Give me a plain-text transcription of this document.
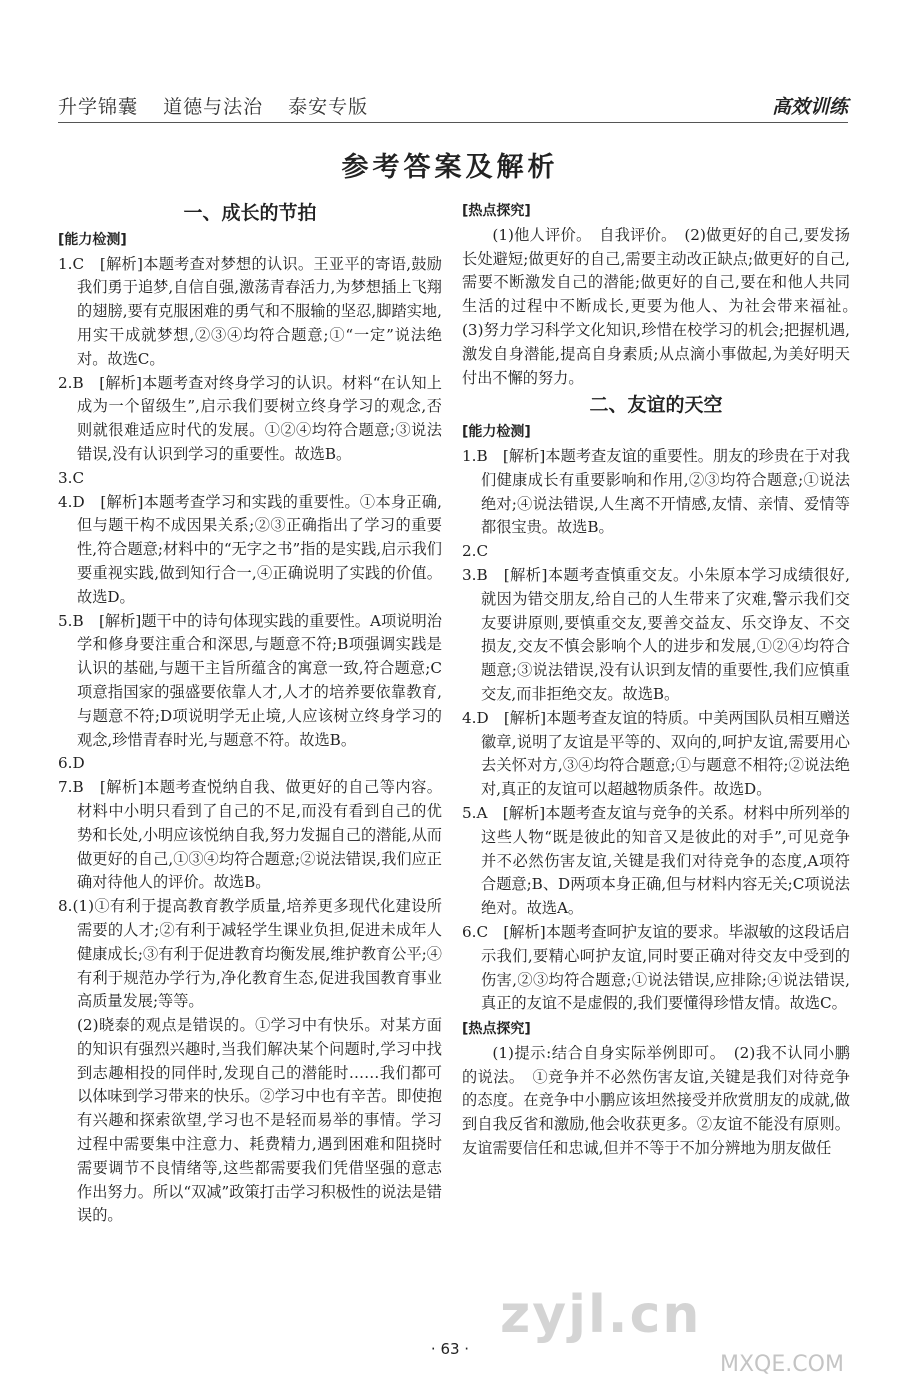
升学锦囊 道德与法治 泰安专版	高效训练
参考答案及解析
一、成长的节拍
[能力检测]

1.C　[解析]本题考查对梦想的认识。王亚平的寄语,鼓励我们勇于追梦,自信自强,激荡青春活力,为梦想插上飞翔的翅膀,要有克服困难的勇气和不服输的坚忍,脚踏实地,用实干成就梦想,②③④均符合题意;①“一定”说法绝对。故选C。

2.B　[解析]本题考查对终身学习的认识。材料“在认知上成为一个留级生”,启示我们要树立终身学习的观念,否则就很难适应时代的发展。①②④均符合题意;③说法错误,没有认识到学习的重要性。故选B。

3.C

4.D　[解析]本题考查学习和实践的重要性。①本身正确,但与题干构不成因果关系;②③正确指出了学习的重要性,符合题意;材料中的“无字之书”指的是实践,启示我们要重视实践,做到知行合一,④正确说明了实践的价值。故选D。

5.B　[解析]题干中的诗句体现实践的重要性。A项说明治学和修身要注重合和深思,与题意不符;B项强调实践是认识的基础,与题干主旨所蕴含的寓意一致,符合题意;C项意指国家的强盛要依靠人才,人才的培养要依靠教育,与题意不符;D项说明学无止境,人应该树立终身学习的观念,珍惜青春时光,与题意不符。故选B。

6.D

7.B　[解析]本题考查悦纳自我、做更好的自己等内容。材料中小明只看到了自己的不足,而没有看到自己的优势和长处,小明应该悦纳自我,努力发掘自己的潜能,从而做更好的自己,①③④均符合题意;②说法错误,我们应正确对待他人的评价。故选B。

8.(1)①有利于提高教育教学质量,培养更多现代化建设所需要的人才;②有利于减轻学生课业负担,促进未成年人健康成长;③有利于促进教育均衡发展,维护教育公平;④有利于规范办学行为,净化教育生态,促进我国教育事业高质量发展;等等。

(2)晓泰的观点是错误的。①学习中有快乐。对某方面的知识有强烈兴趣时,当我们解决某个问题时,学习中找到志趣相投的同伴时,发现自己的潜能时……我们都可以体味到学习带来的快乐。②学习中也有辛苦。即使抱有兴趣和探索欲望,学习也不是轻而易举的事情。学习过程中需要集中注意力、耗费精力,遇到困难和阻挠时需要调节不良情绪等,这些都需要我们凭借坚强的意志作出努力。所以“双减”政策打击学习积极性的说法是错误的。

[热点探究]

(1)他人评价。　自我评价。　(2)做更好的自己,要发扬长处避短;做更好的自己,需要主动改正缺点;做更好的自己,需要不断激发自己的潜能;做更好的自己,要在和他人共同生活的过程中不断成长,更要为他人、为社会带来福祉。　(3)努力学习科学文化知识,珍惜在校学习的机会;把握机遇,激发自身潜能,提高自身素质;从点滴小事做起,为美好明天付出不懈的努力。

二、友谊的天空
[能力检测]

1.B　[解析]本题考查友谊的重要性。朋友的珍贵在于对我们健康成长有重要影响和作用,②③均符合题意;①说法绝对;④说法错误,人生离不开情感,友情、亲情、爱情等都很宝贵。故选B。

2.C

3.B　[解析]本题考查慎重交友。小朱原本学习成绩很好,就因为错交朋友,给自己的人生带来了灾难,警示我们交友要讲原则,要慎重交友,要善交益友、乐交诤友、不交损友,交友不慎会影响个人的进步和发展,①②④均符合题意;③说法错误,没有认识到友情的重要性,我们应慎重交友,而非拒绝交友。故选B。

4.D　[解析]本题考查友谊的特质。中美两国队员相互赠送徽章,说明了友谊是平等的、双向的,呵护友谊,需要用心去关怀对方,③④均符合题意;①与题意不相符;②说法绝对,真正的友谊可以超越物质条件。故选D。

5.A　[解析]本题考查友谊与竞争的关系。材料中所列举的这些人物“既是彼此的知音又是彼此的对手”,可见竞争并不必然伤害友谊,关键是我们对待竞争的态度,A项符合题意;B、D两项本身正确,但与材料内容无关;C项说法绝对。故选A。

6.C　[解析]本题考查呵护友谊的要求。毕淑敏的这段话启示我们,要精心呵护友谊,同时要正确对待交友中受到的伤害,②③均符合题意;①说法错误,应排除;④说法错误,真正的友谊不是虚假的,我们要懂得珍惜友情。故选C。

[热点探究]

(1)提示:结合自身实际举例即可。　(2)我不认同小鹏的说法。　①竞争并不必然伤害友谊,关键是我们对待竞争的态度。在竞争中小鹏应该坦然接受并欣赏朋友的成就,做到自我反省和激励,他会收获更多。②友谊不能没有原则。友谊需要信任和忠诚,但并不等于不加分辨地为朋友做任

· 63 ·
zyjl.cn
MXQE.COM
